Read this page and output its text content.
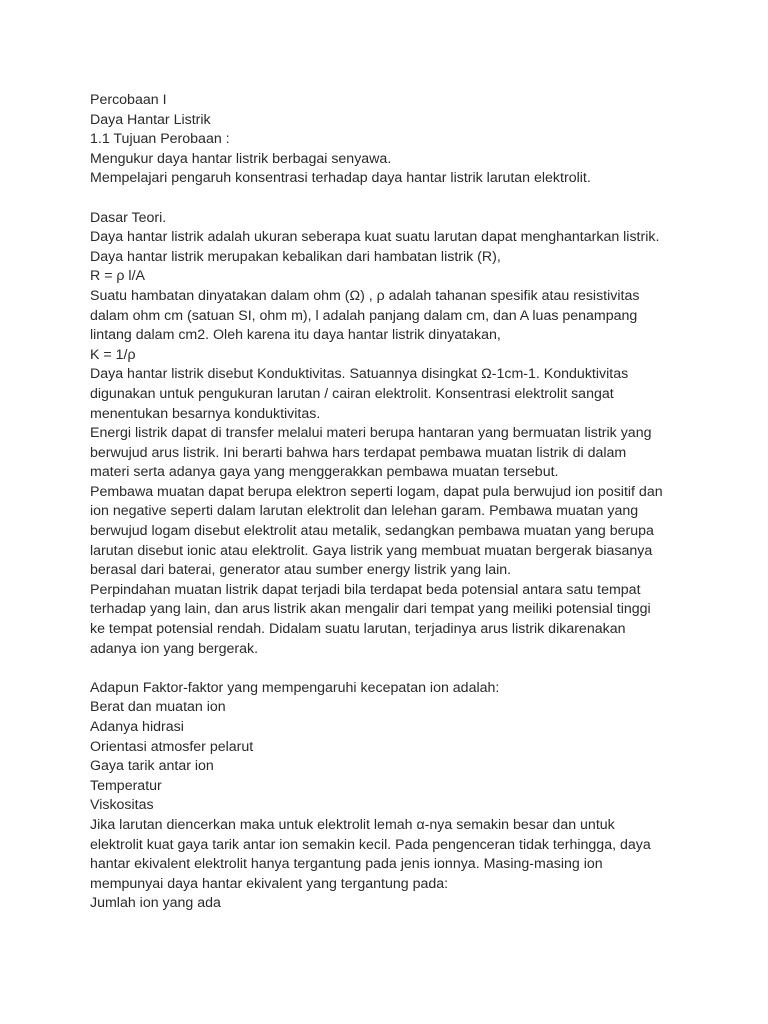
Percobaan I
Daya Hantar Listrik
1.1 Tujuan Perobaan :
Mengukur daya hantar listrik berbagai senyawa.
Mempelajari pengaruh konsentrasi terhadap daya hantar listrik larutan elektrolit.
Dasar Teori.
Daya hantar listrik adalah ukuran seberapa kuat suatu larutan dapat menghantarkan listrik.
Daya hantar listrik merupakan kebalikan dari hambatan listrik (R),
R = ρ l/A
Suatu hambatan dinyatakan dalam ohm (Ω) , ρ adalah tahanan spesifik atau resistivitas
dalam ohm cm (satuan SI, ohm m), l adalah panjang dalam cm, dan A luas penampang
lintang dalam cm2. Oleh karena itu daya hantar listrik dinyatakan,
K = 1/ρ
Daya hantar listrik disebut Konduktivitas. Satuannya disingkat Ω-1cm-1. Konduktivitas
digunakan untuk pengukuran larutan / cairan elektrolit. Konsentrasi elektrolit sangat
menentukan besarnya konduktivitas.
Energi listrik dapat di transfer melalui materi berupa hantaran yang bermuatan listrik yang
berwujud arus listrik. Ini berarti bahwa hars terdapat pembawa muatan listrik di dalam
materi serta adanya gaya yang menggerakkan pembawa muatan tersebut.
Pembawa muatan dapat berupa elektron seperti logam, dapat pula berwujud ion positif dan
ion negative seperti dalam larutan elektrolit dan lelehan garam. Pembawa muatan yang
berwujud logam disebut elektrolit atau metalik, sedangkan pembawa muatan yang berupa
larutan disebut ionic atau elektrolit. Gaya listrik yang membuat muatan bergerak biasanya
berasal dari baterai, generator atau sumber energy listrik yang lain.
Perpindahan muatan listrik dapat terjadi bila terdapat beda potensial antara satu tempat
terhadap yang lain, dan arus listrik akan mengalir dari tempat yang meiliki potensial tinggi
ke tempat potensial rendah. Didalam suatu larutan, terjadinya arus listrik dikarenakan
adanya ion yang bergerak.
Adapun Faktor-faktor yang mempengaruhi kecepatan ion adalah:
Berat dan muatan ion
Adanya hidrasi
Orientasi atmosfer pelarut
Gaya tarik antar ion
Temperatur
Viskositas
Jika larutan diencerkan maka untuk elektrolit lemah α-nya semakin besar dan untuk
elektrolit kuat gaya tarik antar ion semakin kecil. Pada pengenceran tidak terhingga, daya
hantar ekivalent elektrolit hanya tergantung pada jenis ionnya. Masing-masing ion
mempunyai daya hantar ekivalent yang tergantung pada:
Jumlah ion yang ada
